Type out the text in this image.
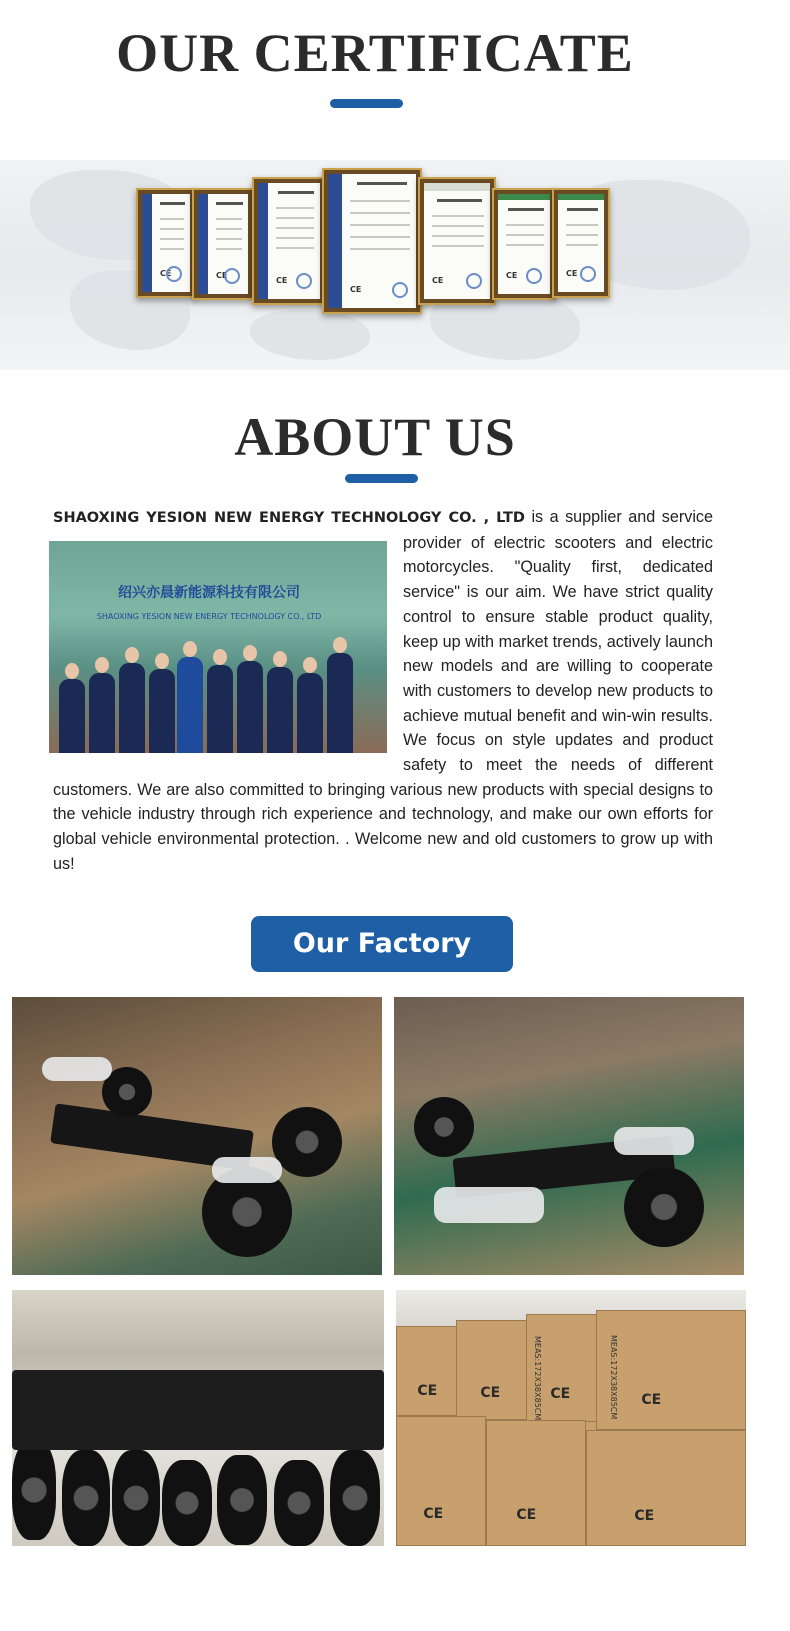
OUR CERTIFICATE
CE	CE
CE
CE
CE
CE	CE
ABOUT US
SHAOXING YESION NEW ENERGY TECHNOLOGY CO. , LTD
绍兴亦晨新能源科技有限公司
SHAOXING YESION NEW ENERGY TECHNOLOGY CO., LTD
is a supplier and service provider of electric scooters and electric motorcycles. "Quality first, dedicated service" is our aim. We have strict quality control to ensure stable product quality, keep up with market trends, actively launch new models and are willing to cooperate with customers to develop new products to achieve mutual benefit and win-win results. We focus on style updates and product safety to meet the needs of different customers. We are also committed to bringing various new products with special designs to the vehicle industry through rich experience and technology, and make our own efforts for global vehicle environmental protection. . Welcome new and old customers to grow up with us!
Our Factory
CE	CE	MEAS:172X38X85CM CE	MEAS:172X38X85CM CE
CE	CE	CE
